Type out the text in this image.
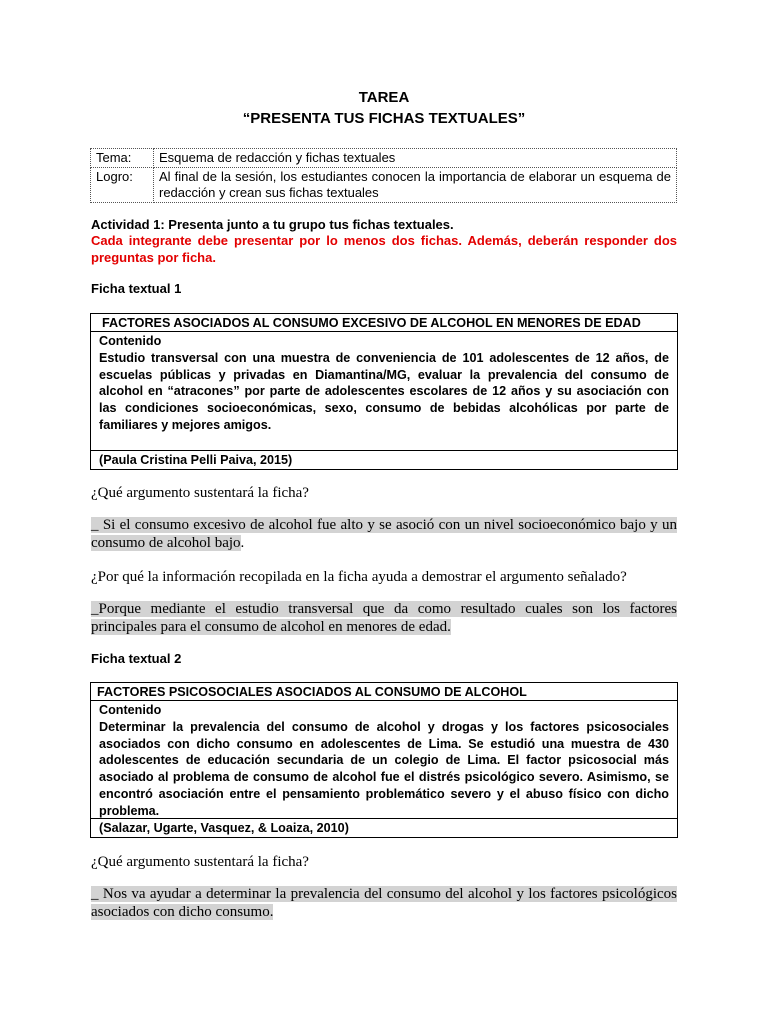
TAREA
“PRESENTA TUS FICHAS TEXTUALES”
Tema:	Esquema de redacción y fichas textuales
Logro:	Al final de la sesión, los estudiantes conocen la importancia de elaborar un esquema de redacción y crean sus fichas textuales
Actividad 1: Presenta junto a tu grupo tus fichas textuales.
Cada integrante debe presentar por lo menos dos fichas. Además, deberán responder dos preguntas por ficha.
Ficha textual 1
FACTORES ASOCIADOS AL CONSUMO EXCESIVO DE ALCOHOL EN MENORES DE EDAD
Contenido
Estudio transversal con una muestra de conveniencia de 101 adolescentes de 12 años, de escuelas públicas y privadas en Diamantina/MG, evaluar la prevalencia del consumo de alcohol en “atracones” por parte de adolescentes escolares de 12 años y su asociación con las condiciones socioeconómicas, sexo, consumo de bebidas alcohólicas por parte de familiares y mejores amigos.
(Paula Cristina Pelli Paiva, 2015)
¿Qué argumento sustentará la ficha?
_ Si el consumo excesivo de alcohol fue alto y se asoció con un nivel socioeconómico bajo y un consumo de alcohol bajo.
¿Por qué la información recopilada en la ficha ayuda a demostrar el argumento señalado?
_Porque mediante el estudio transversal que da como resultado cuales son los factores principales para el consumo de alcohol en menores de edad.
Ficha textual 2
FACTORES PSICOSOCIALES ASOCIADOS AL CONSUMO DE ALCOHOL
Contenido
Determinar la prevalencia del consumo de alcohol y drogas y los factores psicosociales asociados con dicho consumo en adolescentes de Lima. Se estudió una muestra de 430 adolescentes de educación secundaria de un colegio de Lima. El factor psicosocial más asociado al problema de consumo de alcohol fue el distrés psicológico severo. Asimismo, se encontró asociación entre el pensamiento problemático severo y el abuso físico con dicho problema.
(Salazar, Ugarte, Vasquez, & Loaiza, 2010)
¿Qué argumento sustentará la ficha?
_ Nos va ayudar a determinar la prevalencia del consumo del alcohol y los factores psicológicos asociados con dicho consumo.
